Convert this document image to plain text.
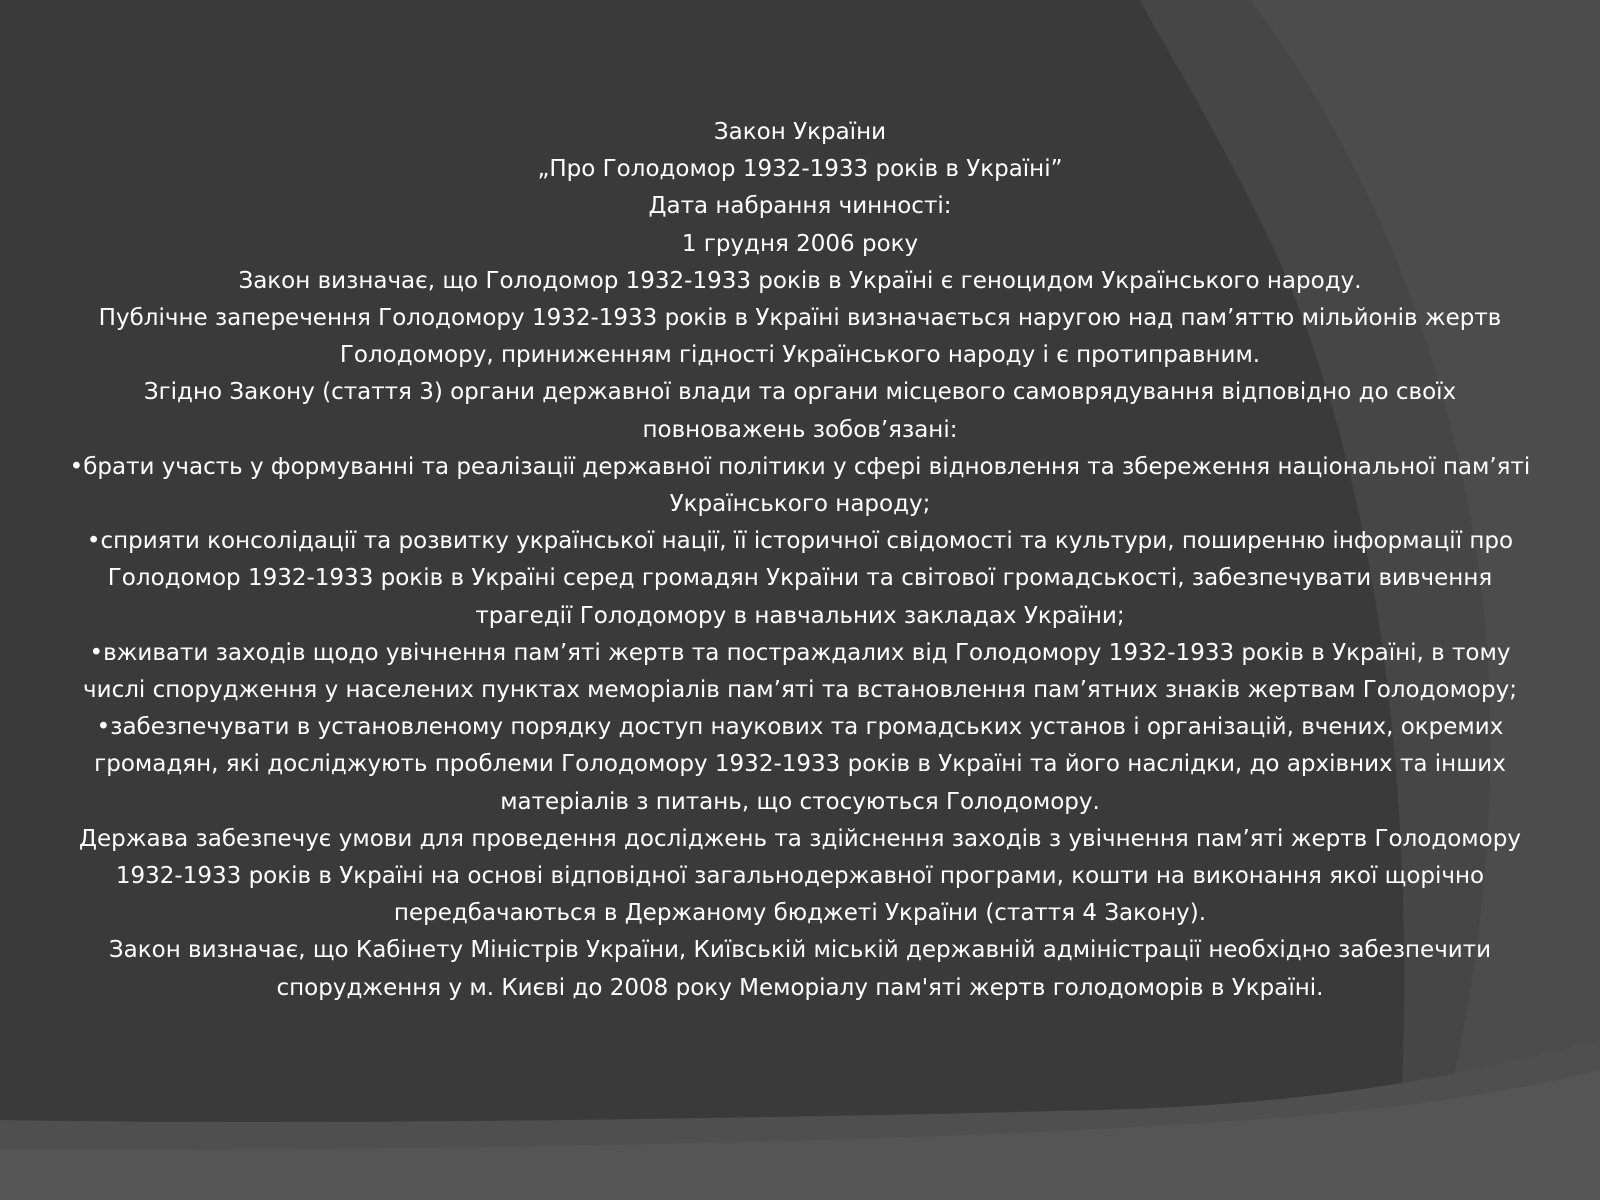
Закон України

„Про Голодомор 1932-1933 років в Україні”

Дата набрання чинності:

1 грудня 2006 року

Закон визначає, що Голодомор 1932-1933 років в Україні є геноцидом Українського народу.

Публічне заперечення Голодомору 1932-1933 років в Україні визначається наругою над пам’яттю мільйонів жертв Голодомору, приниженням гідності Українського народу і є протиправним.

Згідно Закону (стаття 3) органи державної влади та органи місцевого самоврядування відповідно до своїх повноважень зобов’язані:

•брати участь у формуванні та реалізації державної політики у сфері відновлення та збереження національної пам’яті Українського народу;

•сприяти консолідації та розвитку української нації, її історичної свідомості та культури, поширенню інформації про Голодомор 1932-1933 років в Україні серед громадян України та світової громадськості, забезпечувати вивчення трагедії Голодомору в навчальних закладах України;

•вживати заходів щодо увічнення пам’яті жертв та постраждалих від Голодомору 1932-1933 років в Україні, в тому числі спорудження у населених пунктах меморіалів пам’яті та встановлення пам’ятних знаків жертвам Голодомору;

•забезпечувати в установленому порядку доступ наукових та громадських установ і організацій, вчених, окремих громадян, які досліджують проблеми Голодомору 1932-1933 років в Україні та його наслідки, до архівних та інших матеріалів з питань, що стосуються Голодомору.

Держава забезпечує умови для проведення досліджень та здійснення заходів з увічнення пам’яті жертв Голодомору 1932-1933 років в Україні на основі відповідної загальнодержавної програми, кошти на виконання якої щорічно передбачаються в Держаному бюджеті України (стаття 4 Закону).

Закон визначає, що Кабінету Міністрів України, Київській міській державній адміністрації необхідно забезпечити спорудження у м. Києві до 2008 року Меморіалу пам'яті жертв голодоморів в Україні.
